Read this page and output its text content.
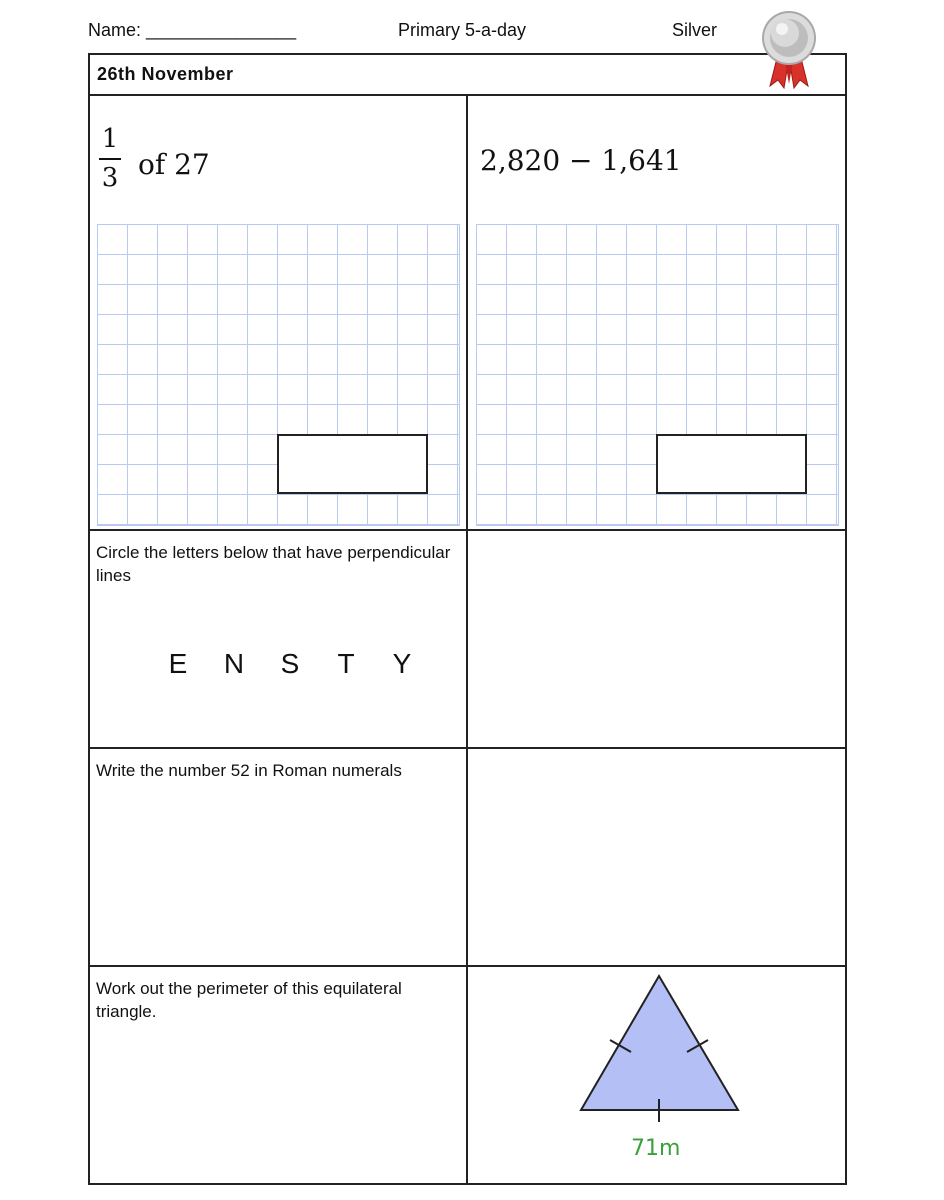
Name: _______________	Primary 5-a-day	Silver
26th November
1
3 of 27	2,820 − 1,641
Circle the letters below that have perpendicular lines
E	N	S	T	Y
Write the number 52 in Roman numerals
Work out the perimeter of this equilateral triangle.
71m
